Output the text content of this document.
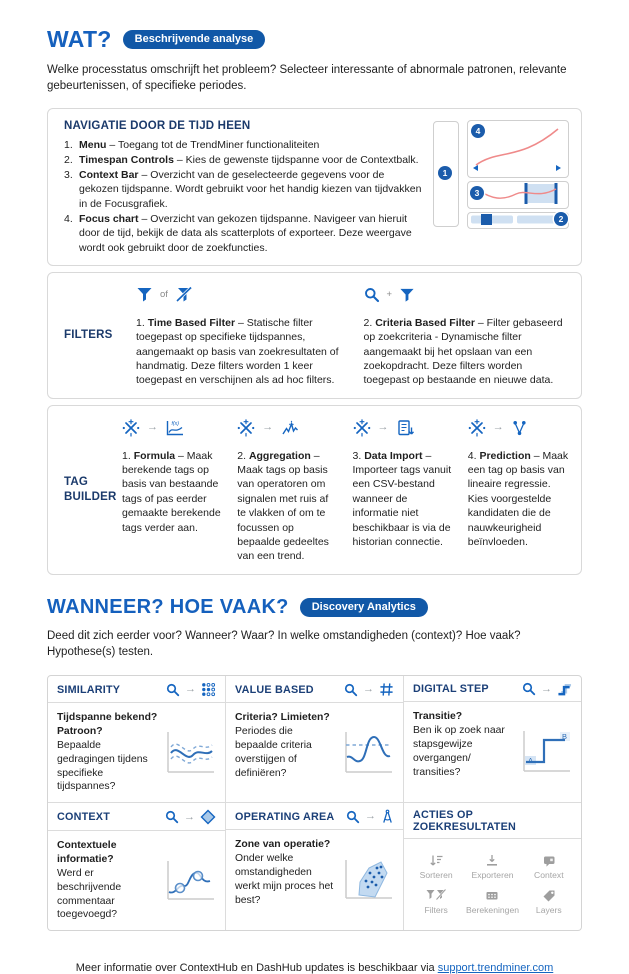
WAT?	Beschrijvende analyse
Welke processtatus omschrijft het probleem? Selecteer interessante of abnormale patronen, relevante gebeurtenissen, of specifieke periodes.
NAVIGATIE DOOR DE TIJD HEEN
1. Menu – Toegang tot de TrendMiner functionaliteiten
2. Timespan Controls – Kies de gewenste tijdspanne voor de Contextbalk.
3. Context Bar – Overzicht van de geselecteerde gegevens voor de gekozen tijdspanne. Wordt gebruikt voor het handig kiezen van tijdvakken in de Focusgrafiek.
4. Focus chart – Overzicht van gekozen tijdspanne. Navigeer van hieruit door de tijd, bekijk de data als scatterplots of exporteer. Deze weergave wordt ook gebruikt door de zoekfuncties.
1
4
3
2
FILTERS
of
1. Time Based Filter – Statische filter toegepast op specifieke tijdspannes, aangemaakt op basis van zoekresultaten of handmatig. Deze filters worden 1 keer toegepast en verschijnen als ad hoc filters.
+
2. Criteria Based Filter – Filter gebaseerd op zoekcriteria - Dynamische filter aangemaakt bij het opslaan van een zoekopdracht. Deze filters worden toegepast op bestaande en nieuwe data.
TAG BUILDER
→	f(x)
1. Formula – Maak berekende tags op basis van bestaande tags of pas eerder gemaakte berekende tags verder aan.
→
2. Aggregation – Maak tags op basis van operatoren om signalen met ruis af te vlakken of om te focussen op bepaalde gedeeltes van een trend.
→
3. Data Import – Importeer tags vanuit een CSV-bestand wanneer de informatie niet beschikbaar is via de historian connectie.
→
4. Prediction – Maak een tag op basis van lineaire regressie. Kies voorgestelde kandidaten die de nauwkeurigheid beïnvloeden.
WANNEER? HOE VAAK?	Discovery Analytics
Deed dit zich eerder voor? Wanneer? Waar? In welke omstandigheden (context)? Hoe vaak? Hypothese(s) testen.
SIMILARITY	→
Tijdspanne bekend? Patroon?
Bepaalde gedragingen tijdens specifieke tijdspannes?
VALUE BASED	→
Criteria? Limieten?
Periodes die bepaalde criteria overstijgen of definiëren?
DIGITAL STEP	→
Transitie?
Ben ik op zoek naar stapsgewijze overgangen/ transities?
A
B
CONTEXT	→
Contextuele informatie?
Werd er beschrijvende commentaar toegevoegd?
OPERATING AREA	→
Zone van operatie?
Onder welke omstandigheden werkt mijn proces het best?
ACTIES OP ZOEKRESULTATEN
Sorteren Exporteren Context
Filters Berekeningen Layers
Meer informatie over ContextHub en DashHub updates is beschikbaar via support.trendminer.com
